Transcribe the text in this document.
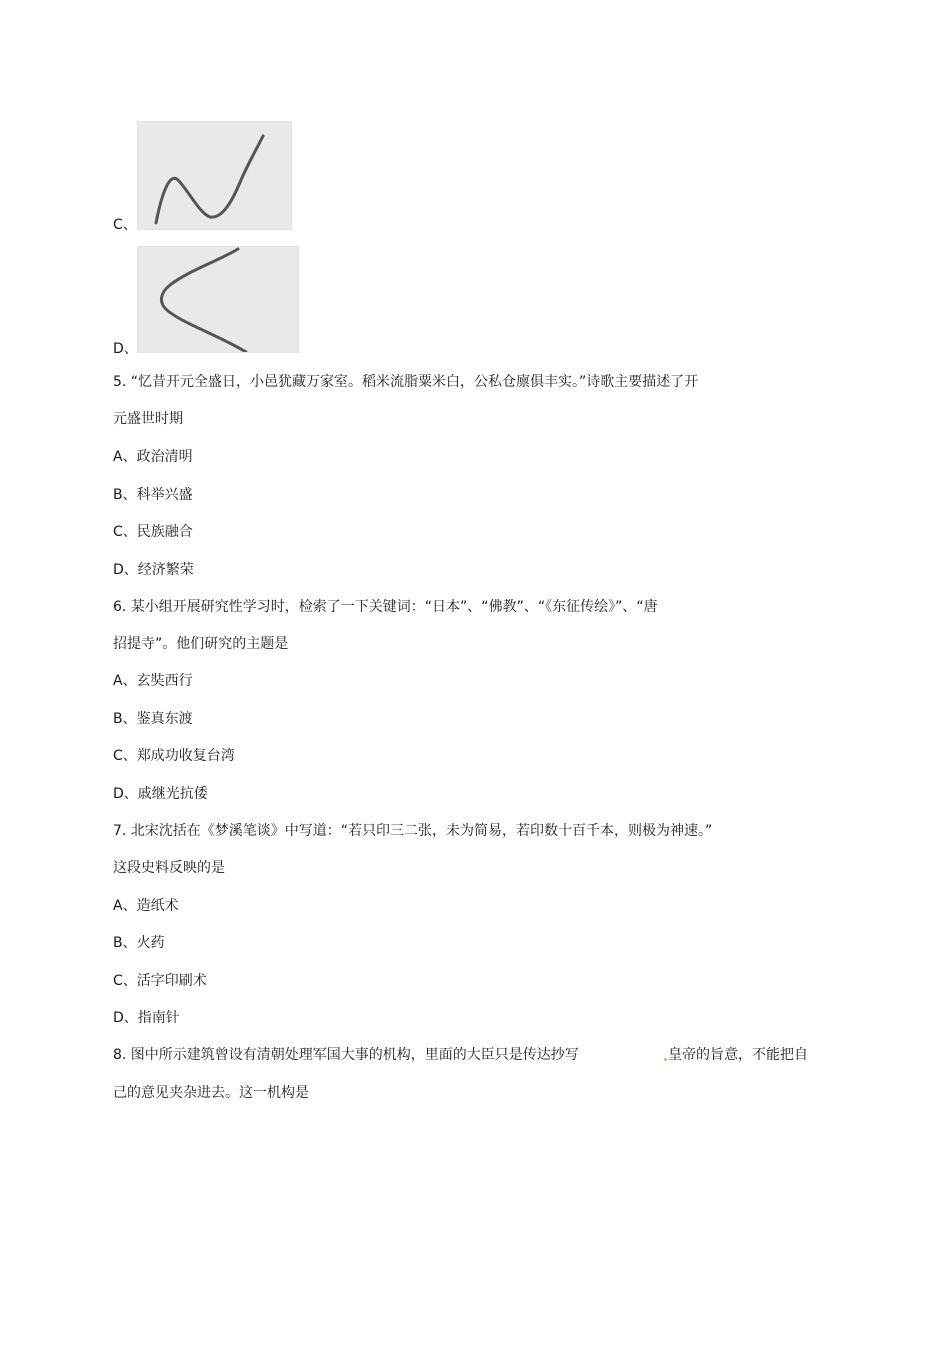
C、
D、
5. “忆昔开元全盛日，小邑犹藏万家室。稻米流脂粟米白，公私仓廪俱丰实。”诗歌主要描述了开
元盛世时期
A、政治清明
B、科举兴盛
C、民族融合
D、经济繁荣
6. 某小组开展研究性学习时，检索了一下关键词：“日本”、“佛教”、“《东征传绘》”、“唐
招提寺”。他们研究的主题是
A、玄奘西行
B、鉴真东渡
C、郑成功收复台湾
D、戚继光抗倭
7. 北宋沈括在《梦溪笔谈》中写道：“若只印三二张，未为简易，若印数十百千本，则极为神速。”
这段史料反映的是
A、造纸术
B、火药
C、活字印刷术
D、指南针
8. 图中所示建筑曾设有清朝处理军国大事的机构，里面的大臣只是传达抄写	皇帝的旨意，不能把自
己的意见夹杂进去。这一机构是
